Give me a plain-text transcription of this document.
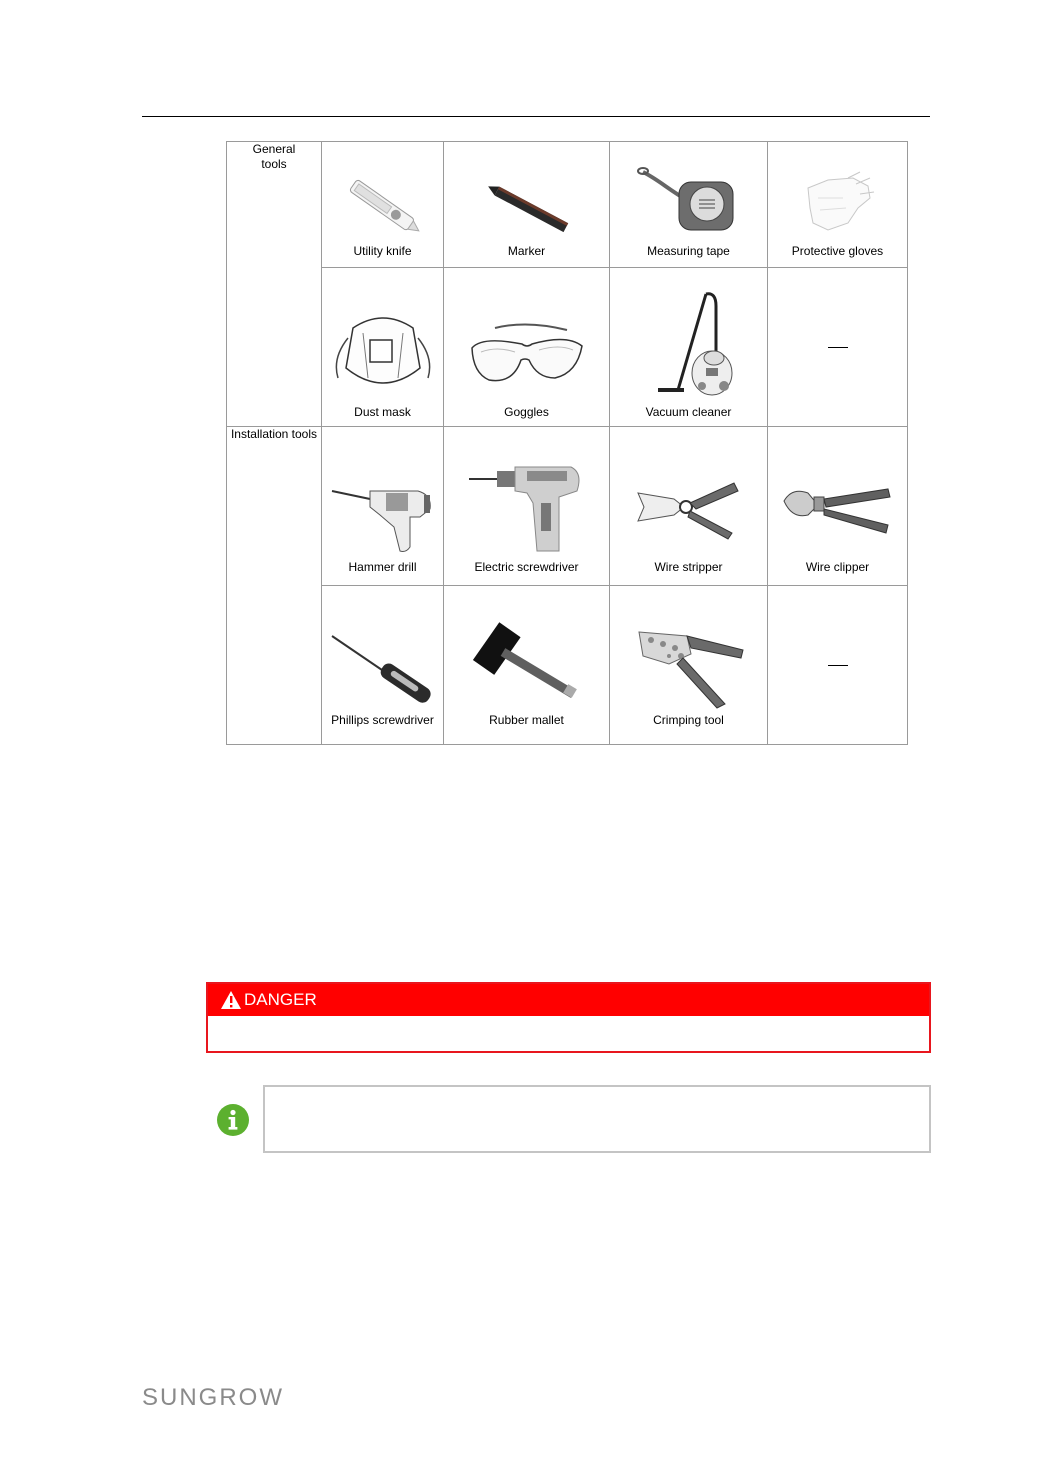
General
tools	Utility knife	Marker	Measuring tape	Protective gloves

	Dust mask	Goggles	Vacuum cleaner	

Installation tools	Hammer drill	Electric screwdriver	Wire stripper	Wire clipper

	Phillips screwdriver	Rubber mallet	Crimping tool	

DANGER
SUNGROW
